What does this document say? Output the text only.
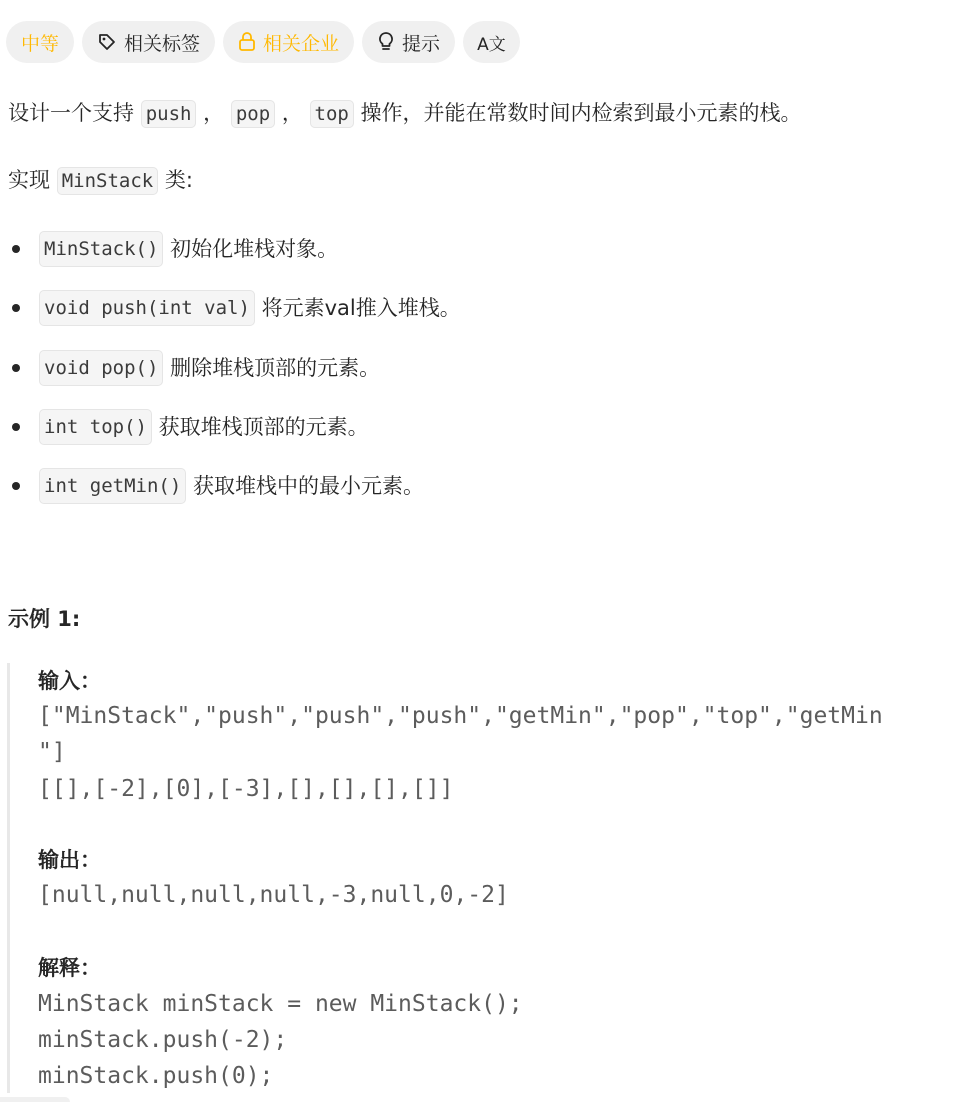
中等	相关标签	相关企业	提示 A文
设计一个支持 push ， pop ， top 操作，并能在常数时间内检索到最小元素的栈。
实现 MinStack 类:
MinStack()
初始化堆栈对象。
void push(int val)
将元素val推入堆栈。
void pop()
删除堆栈顶部的元素。
int top()
获取堆栈顶部的元素。
int getMin()
获取堆栈中的最小元素。
示例 1:
输入：
["MinStack","push","push","push","getMin","pop","top","getMin
"]
[[],[-2],[0],[-3],[],[],[],[]]
输出：
[null,null,null,null,-3,null,0,-2]
解释：
MinStack minStack = new MinStack();
minStack.push(-2);
minStack.push(0);
